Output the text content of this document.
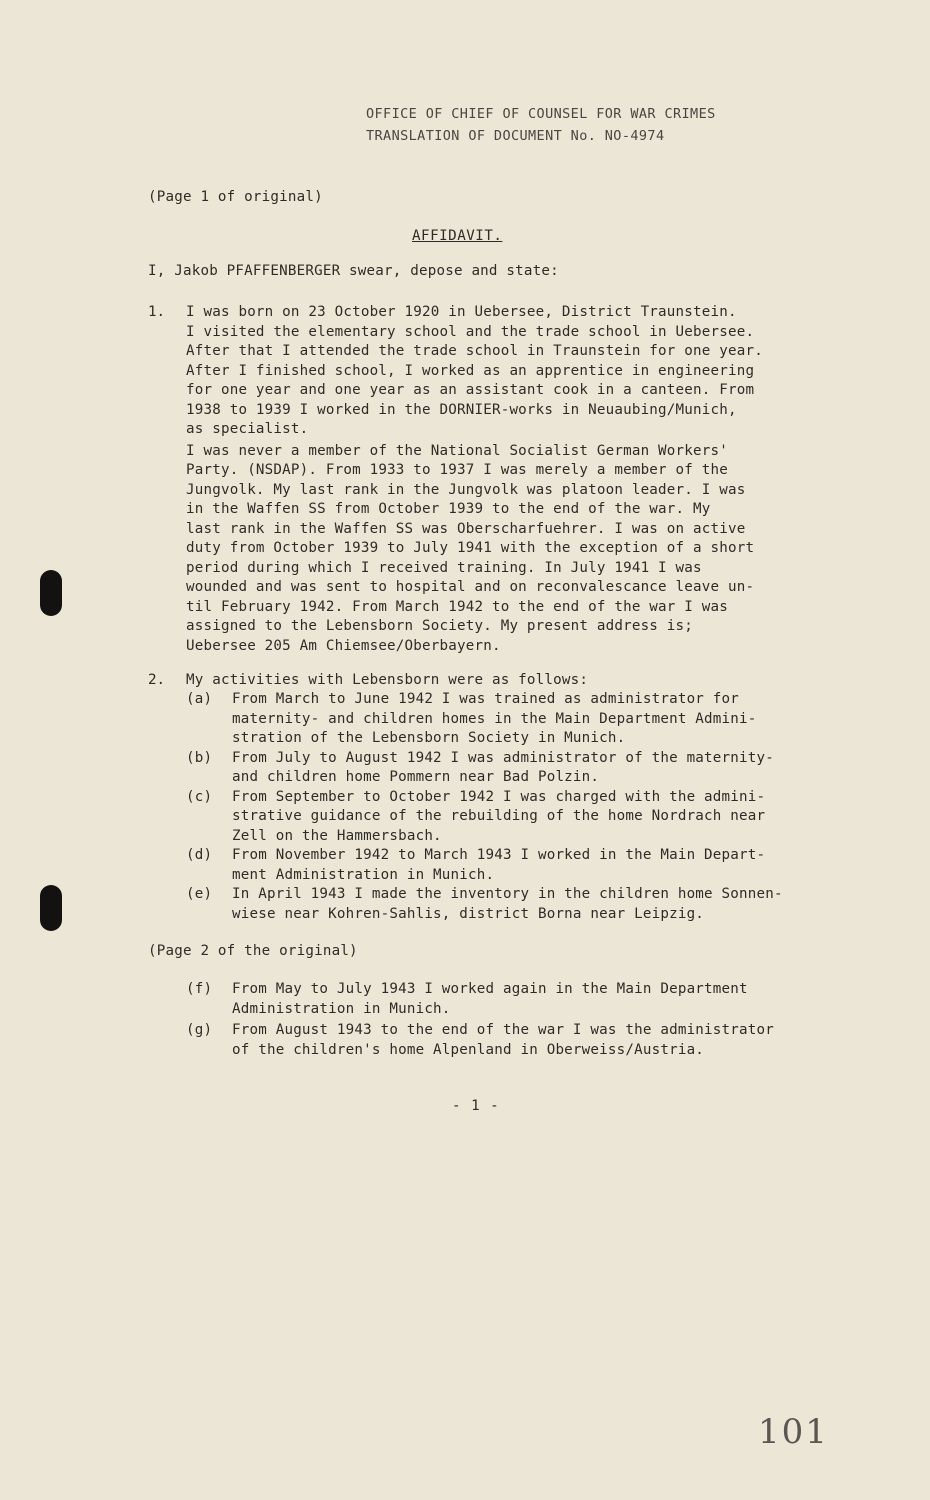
OFFICE OF CHIEF OF COUNSEL FOR WAR CRIMES
TRANSLATION OF DOCUMENT No. NO-4974
(Page 1 of original)
AFFIDAVIT.
I, Jakob PFAFFENBERGER swear, depose and state:
1. I was born on 23 October 1920 in Uebersee, District Traunstein.
I visited the elementary school and the trade school in Uebersee.
After that I attended the trade school in Traunstein for one year.
After I finished school, I worked as an apprentice in engineering
for one year and one year as an assistant cook in a canteen. From
1938 to 1939 I worked in the DORNIER-works in Neuaubing/Munich,
as specialist.
I was never a member of the National Socialist German Workers'
Party. (NSDAP). From 1933 to 1937 I was merely a member of the
Jungvolk. My last rank in the Jungvolk was platoon leader. I was
in the Waffen SS from October 1939 to the end of the war. My
last rank in the Waffen SS was Oberscharfuehrer. I was on active
duty from October 1939 to July 1941 with the exception of a short
period during which I received training. In July 1941 I was
wounded and was sent to hospital and on reconvalescance leave un-
til February 1942. From March 1942 to the end of the war I was
assigned to the Lebensborn Society. My present address is;
Uebersee 205 Am Chiemsee/Oberbayern.
2. My activities with Lebensborn were as follows:
(a)	From March to June 1942 I was trained as administrator for
maternity- and children homes in the Main Department Admini-
stration of the Lebensborn Society in Munich.
(b)	From July to August 1942 I was administrator of the maternity-
and children home Pommern near Bad Polzin.
(c)	From September to October 1942 I was charged with the admini-
strative guidance of the rebuilding of the home Nordrach near
Zell on the Hammersbach.
(d)	From November 1942 to March 1943 I worked in the Main Depart-
ment Administration in Munich.
(e)	In April 1943 I made the inventory in the children home Sonnen-
wiese near Kohren-Sahlis, district Borna near Leipzig.
(Page 2 of the original)
(f)	From May to July 1943 I worked again in the Main Department
Administration in Munich.
(g)	From August 1943 to the end of the war I was the administrator
of the children's home Alpenland in Oberweiss/Austria.
- 1 -
101
